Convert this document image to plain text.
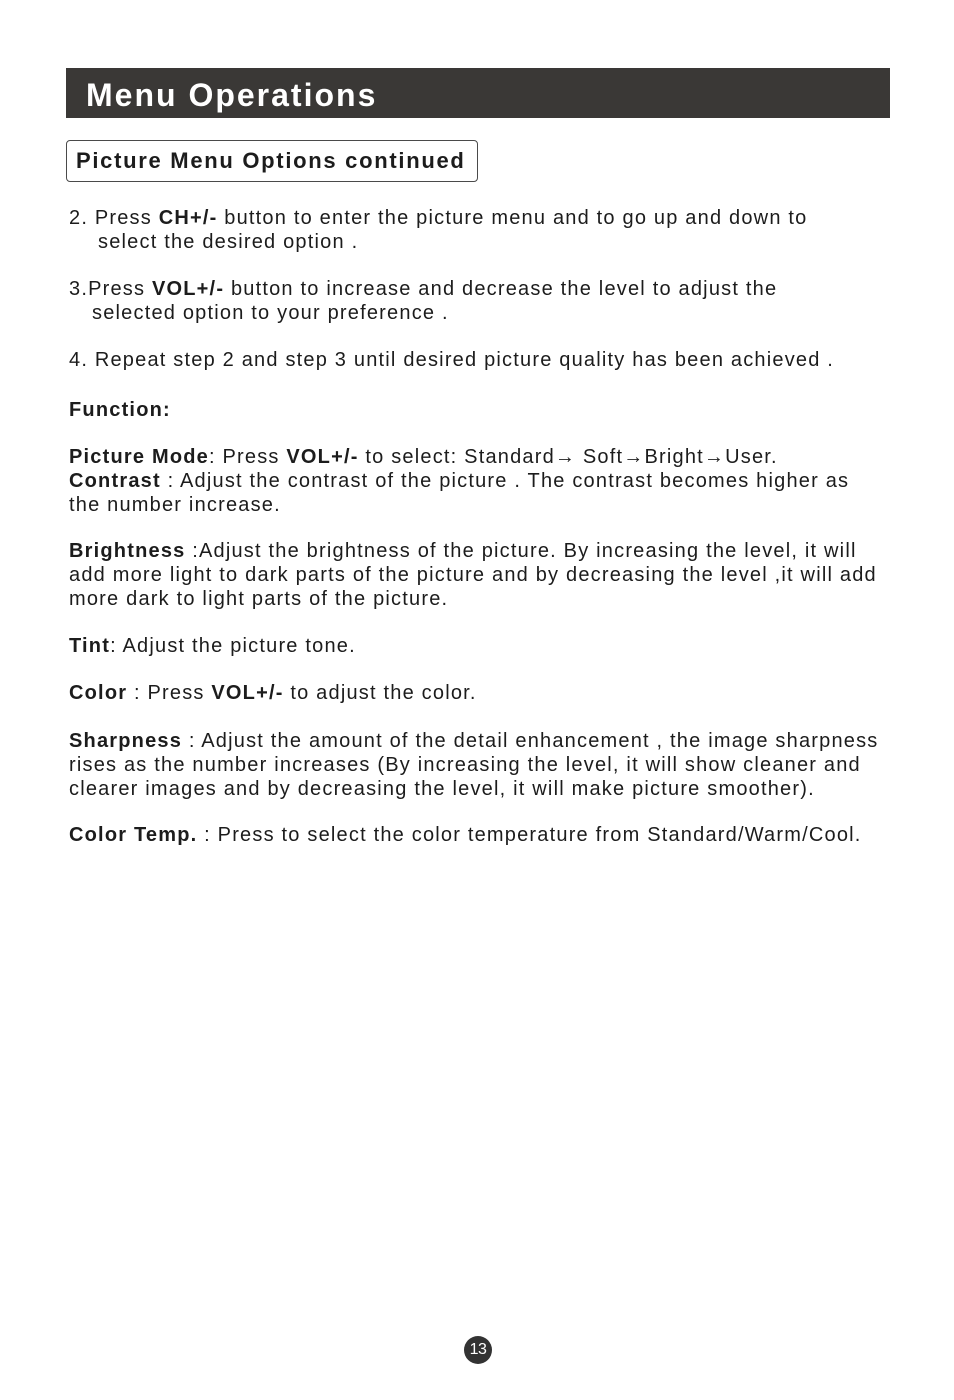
Menu Operations
Picture Menu Options continued
2. Press CH+/- button to enter the picture menu and to go up and down to
select the desired option .
3.Press VOL+/- button to increase and decrease the level to adjust the
selected option to your preference .
4. Repeat step 2 and step 3 until desired picture quality has been achieved .
Function:
Picture Mode: Press VOL+/- to select: Standard→ Soft→Bright→User.
Contrast : Adjust the contrast of the picture . The contrast becomes higher as
the number increase.
Brightness :Adjust the brightness of the picture. By increasing the level, it will
add more light to dark parts of the picture and by decreasing the level ,it will add
more dark to light parts of the picture.
Tint: Adjust the picture tone.
Color : Press VOL+/- to adjust the color.
Sharpness : Adjust the amount of the detail enhancement , the image sharpness
rises as the number increases (By increasing the level, it will show cleaner and
clearer images and by decreasing the level, it will make picture smoother).
Color Temp. : Press to select the color temperature from Standard/Warm/Cool.
13
